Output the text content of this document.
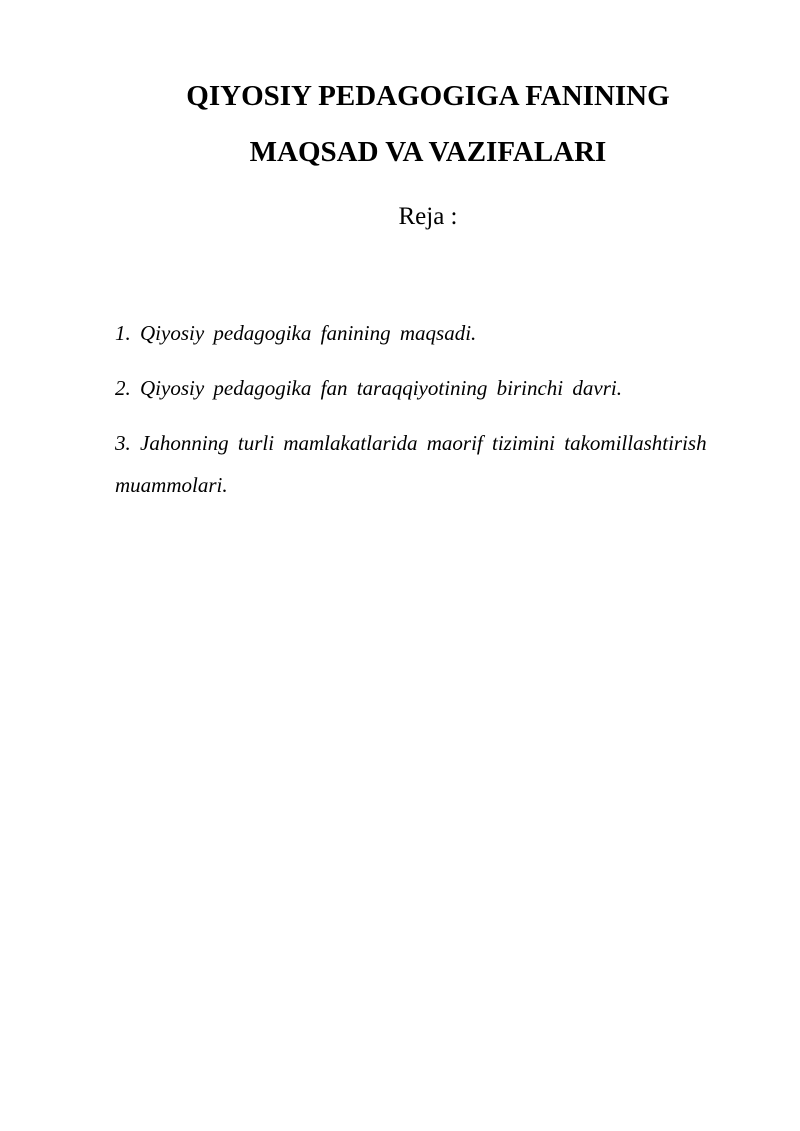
QIYOSIY PEDAGOGIGA FANINING
MAQSAD VA VAZIFALARI

Reja :

1. Qiyosiy pedagogika fanining maqsadi.
2. Qiyosiy pedagogika fan taraqqiyotining birinchi davri.
3. Jahonning turli mamlakatlarida maorif tizimini takomillashtirish muammolari.
